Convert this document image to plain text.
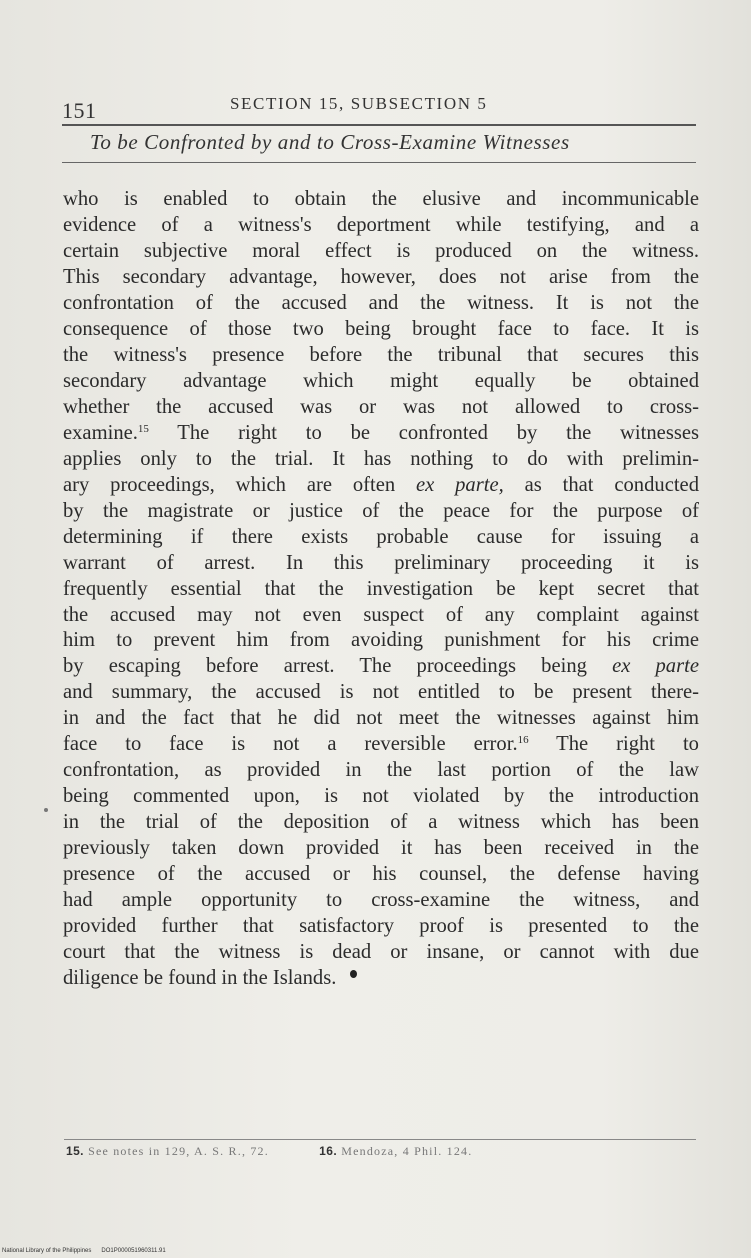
151	SECTION 15, SUBSECTION 5
To be Confronted by and to Cross-Examine Witnesses
who is enabled to obtain the elusive and incommunicable
evidence of a witness's deportment while testifying, and a
certain subjective moral effect is produced on the witness.
This secondary advantage, however, does not arise from the
confrontation of the accused and the witness. It is not the
consequence of those two being brought face to face. It is
the witness's presence before the tribunal that secures this
secondary advantage which might equally be obtained
whether the accused was or was not allowed to cross-
examine.$^{15}$ The right to be confronted by the witnesses
applies only to the trial. It has nothing to do with prelimin-
ary proceedings, which are often ex parte, as that conducted
by the magistrate or justice of the peace for the purpose of
determining if there exists probable cause for issuing a
warrant of arrest. In this preliminary proceeding it is
frequently essential that the investigation be kept secret that
the accused may not even suspect of any complaint against
him to prevent him from avoiding punishment for his crime
by escaping before arrest. The proceedings being ex parte
and summary, the accused is not entitled to be present there-
in and the fact that he did not meet the witnesses against him
face to face is not a reversible error.$^{16}$ The right to
confrontation, as provided in the last portion of the law
being commented upon, is not violated by the introduction
in the trial of the deposition of a witness which has been
previously taken down provided it has been received in the
presence of the accused or his counsel, the defense having
had ample opportunity to cross-examine the witness, and
provided further that satisfactory proof is presented to the
court that the witness is dead or insane, or cannot with due
diligence be found in the Islands.
15. See notes in 129, A. S. R., 72.	16. Mendoza, 4 Phil. 124.
National Library of the Philippines DO1P000051960311.91
